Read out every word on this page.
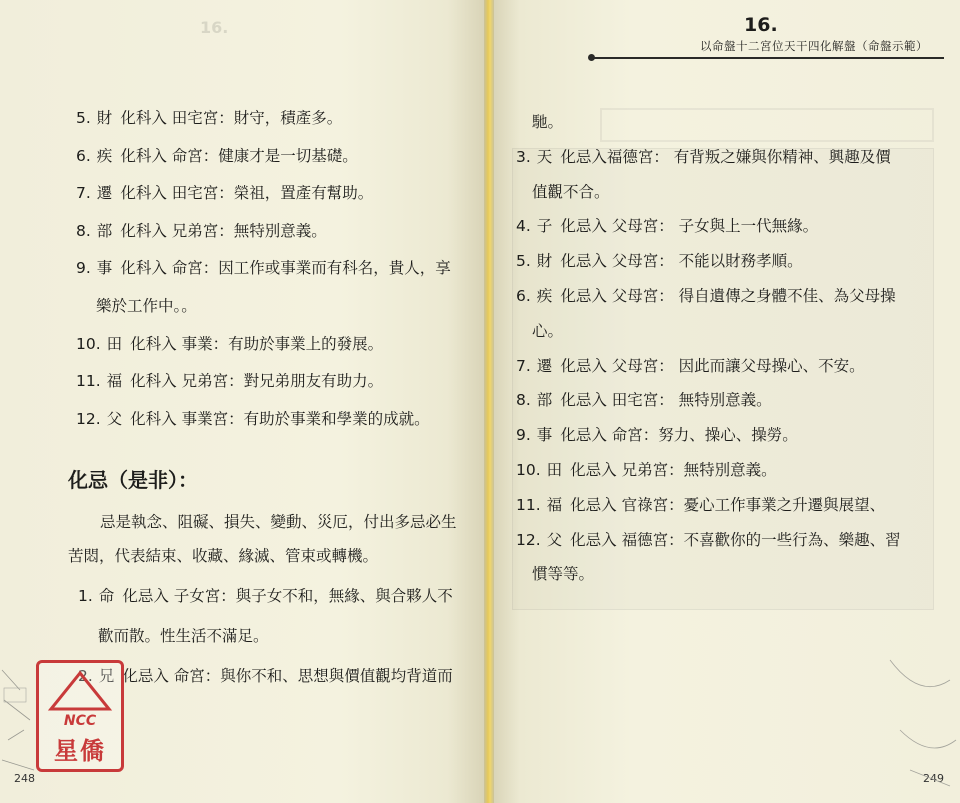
16.	16.
以命盤十二宮位天干四化解盤（命盤示範）
5. 財 化科入 田宅宮：財守，積產多。
6. 疾 化科入 命宮：健康才是一切基礎。
7. 遷 化科入 田宅宮：榮祖，置產有幫助。
8. 部 化科入 兄弟宮：無特別意義。
9. 事 化科入 命宮：因工作或事業而有科名，貴人，享
樂於工作中。。
10. 田 化科入 事業：有助於事業上的發展。
11. 福 化科入 兄弟宮：對兄弟朋友有助力。
12. 父 化科入 事業宮：有助於事業和學業的成就。
化忌（是非）：
忌是執念、阻礙、損失、變動、災厄，付出多忌必生
苦悶，代表結束、收藏、緣滅、管束或轉機。
1. 命 化忌入 子女宮：與子女不和，無緣、與合夥人不
歡而散。性生活不滿足。
2. 兄 化忌入 命宮：與你不和、思想與價值觀均背道而
馳。
3. 天 化忌入福德宮： 有背叛之嫌與你精神、興趣及價
值觀不合。
4. 子 化忌入 父母宮： 子女與上一代無緣。
5. 財 化忌入 父母宮： 不能以財務孝順。
6. 疾 化忌入 父母宮： 得自遺傳之身體不佳、為父母操
心。
7. 遷 化忌入 父母宮： 因此而讓父母操心、不安。
8. 部 化忌入 田宅宮： 無特別意義。
9. 事 化忌入 命宮：努力、操心、操勞。
10. 田 化忌入 兄弟宮：無特別意義。
11. 福 化忌入 官祿宮：憂心工作事業之升遷與展望、
12. 父 化忌入 福德宮：不喜歡你的一些行為、樂趣、習
慣等等。
248	249
NCC
星僑
